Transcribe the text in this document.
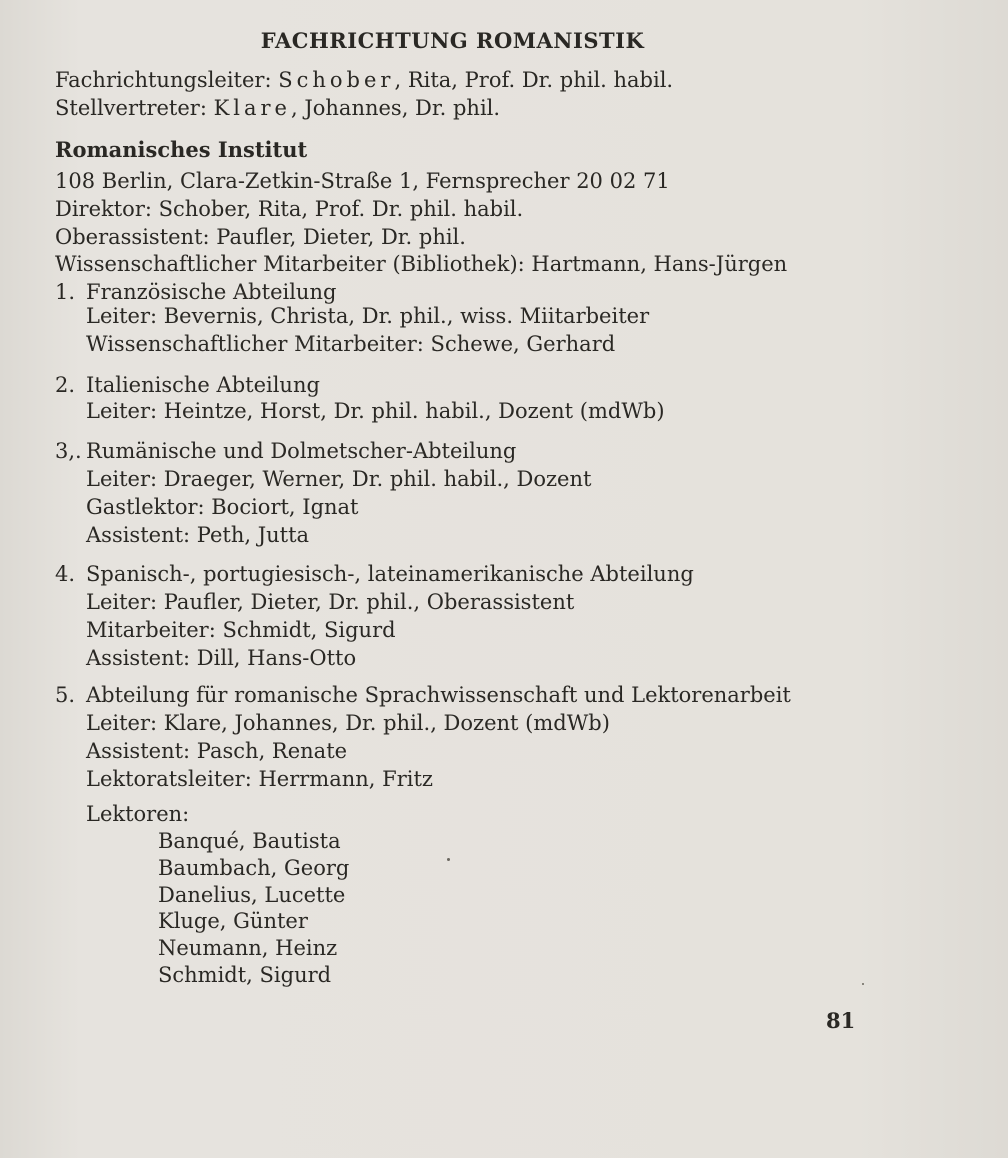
FACHRICHTUNG ROMANISTIK
Fachrichtungsleiter: Schober, Rita, Prof. Dr. phil. habil.
Stellvertreter: Klare, Johannes, Dr. phil.
Romanisches Institut
108 Berlin, Clara-Zetkin-Straße 1, Fernsprecher 20 02 71
Direktor: Schober, Rita, Prof. Dr. phil. habil.
Oberassistent: Paufler, Dieter, Dr. phil.
Wissenschaftlicher Mitarbeiter (Bibliothek): Hartmann, Hans-Jürgen
1. Französische Abteilung
Leiter: Bevernis, Christa, Dr. phil., wiss. Miitarbeiter
Wissenschaftlicher Mitarbeiter: Schewe, Gerhard
2. Italienische Abteilung
Leiter: Heintze, Horst, Dr. phil. habil., Dozent (mdWb)
3,. Rumänische und Dolmetscher-Abteilung
Leiter: Draeger, Werner, Dr. phil. habil., Dozent
Gastlektor: Bociort, Ignat
Assistent: Peth, Jutta
4. Spanisch-, portugiesisch-, lateinamerikanische Abteilung
Leiter: Paufler, Dieter, Dr. phil., Oberassistent
Mitarbeiter: Schmidt, Sigurd
Assistent: Dill, Hans-Otto
5. Abteilung für romanische Sprachwissenschaft und Lektorenarbeit
Leiter: Klare, Johannes, Dr. phil., Dozent (mdWb)
Assistent: Pasch, Renate
Lektoratsleiter: Herrmann, Fritz
Lektoren:
Banqué, Bautista
Baumbach, Georg
Danelius, Lucette
Kluge, Günter
Neumann, Heinz
Schmidt, Sigurd
81
